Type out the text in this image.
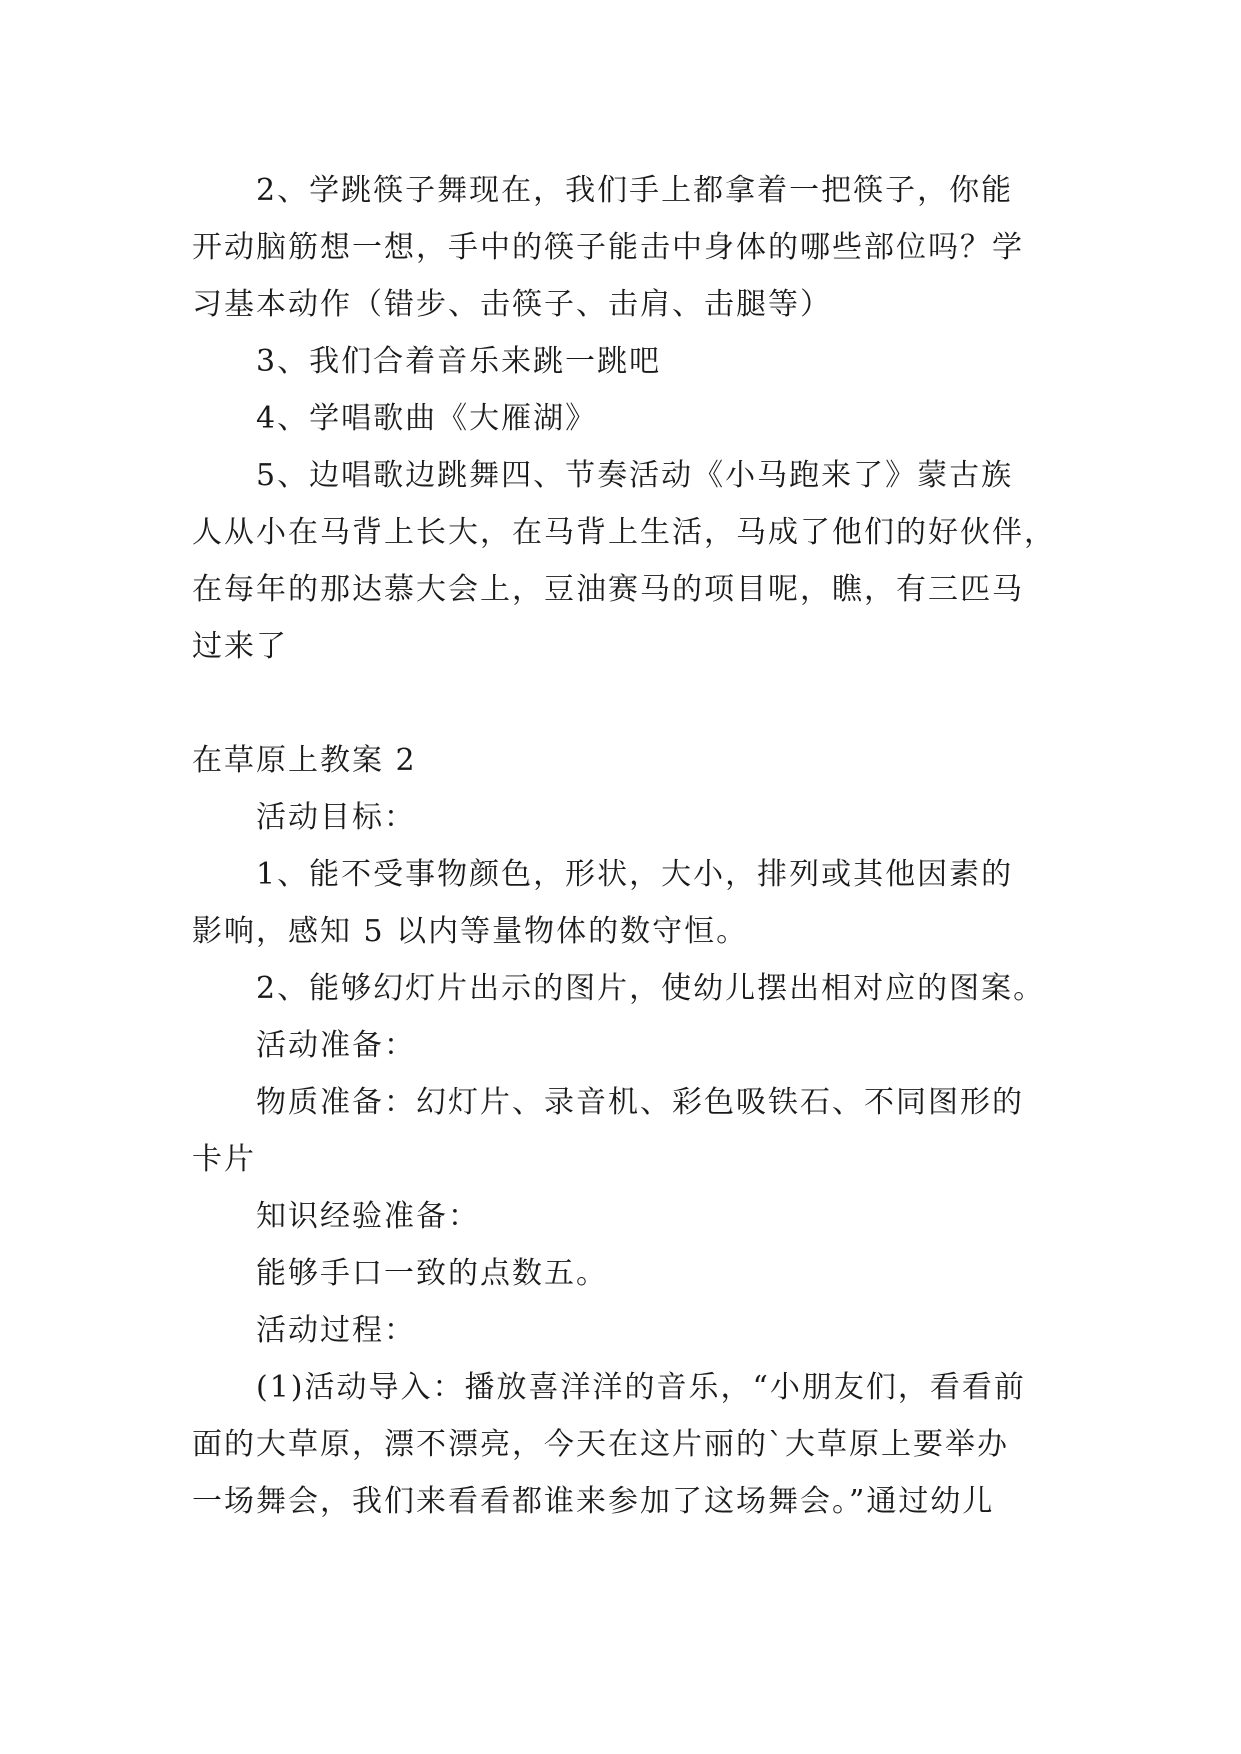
2、学跳筷子舞现在，我们手上都拿着一把筷子，你能
开动脑筋想一想，手中的筷子能击中身体的哪些部位吗？学
习基本动作（错步、击筷子、击肩、击腿等）
3、我们合着音乐来跳一跳吧
4、学唱歌曲《大雁湖》
5、边唱歌边跳舞四、节奏活动《小马跑来了》蒙古族
人从小在马背上长大，在马背上生活，马成了他们的好伙伴，
在每年的那达慕大会上，豆油赛马的项目呢，瞧，有三匹马
过来了
在草原上教案 2
活动目标：
1、能不受事物颜色，形状，大小，排列或其他因素的
影响，感知 5 以内等量物体的数守恒。
2、能够幻灯片出示的图片，使幼儿摆出相对应的图案。
活动准备：
物质准备：幻灯片、录音机、彩色吸铁石、不同图形的
卡片
知识经验准备：
能够手口一致的点数五。
活动过程：
(1)活动导入：播放喜洋洋的音乐，“小朋友们，看看前
面的大草原，漂不漂亮，今天在这片丽的`大草原上要举办
一场舞会，我们来看看都谁来参加了这场舞会。”通过幼儿
